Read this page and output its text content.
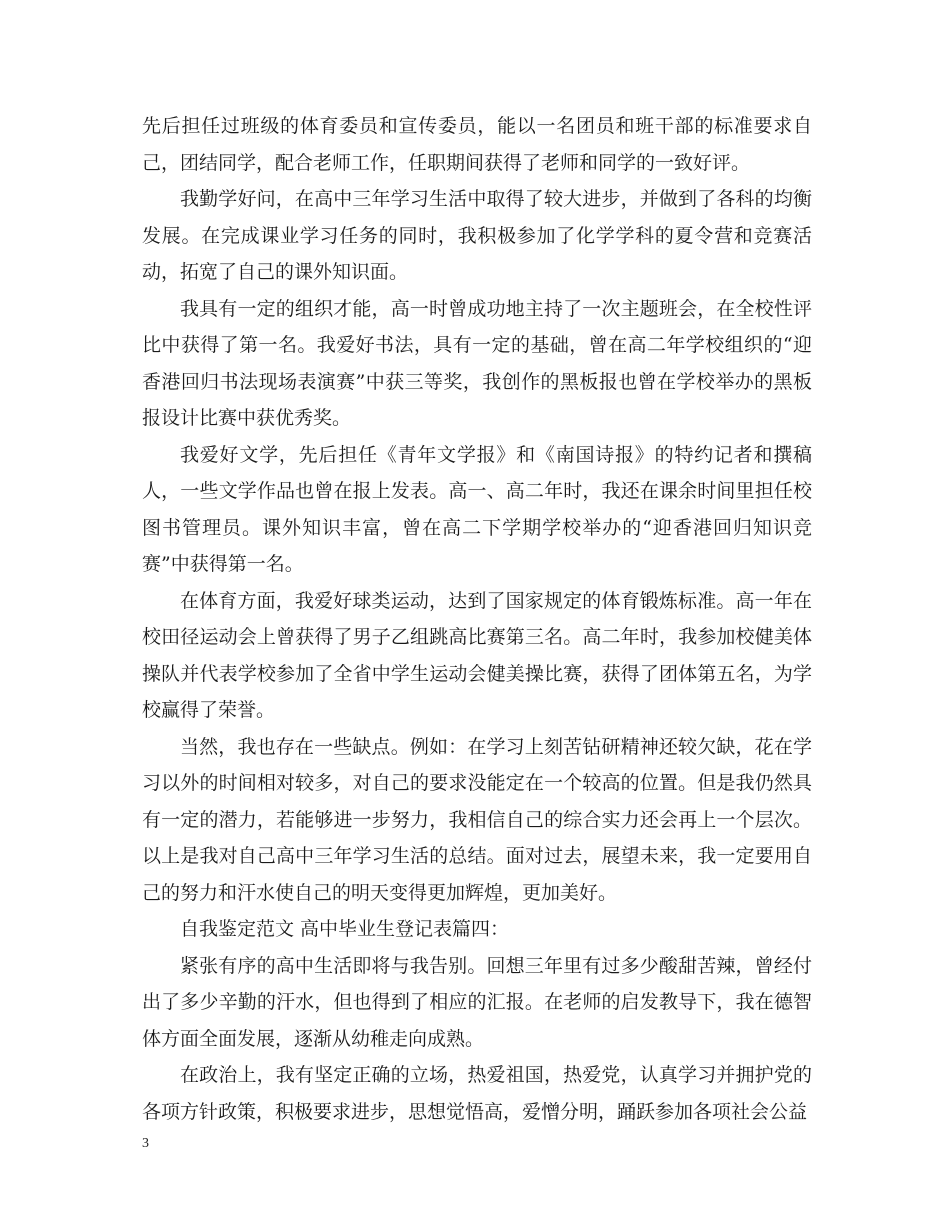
先后担任过班级的体育委员和宣传委员，能以一名团员和班干部的标准要求自己，团结同学，配合老师工作，任职期间获得了老师和同学的一致好评。

我勤学好问，在高中三年学习生活中取得了较大进步，并做到了各科的均衡发展。在完成课业学习任务的同时，我积极参加了化学学科的夏令营和竞赛活动，拓宽了自己的课外知识面。

我具有一定的组织才能，高一时曾成功地主持了一次主题班会，在全校性评比中获得了第一名。我爱好书法，具有一定的基础，曾在高二年学校组织的“迎香港回归书法现场表演赛”中获三等奖，我创作的黑板报也曾在学校举办的黑板报设计比赛中获优秀奖。

我爱好文学，先后担任《青年文学报》和《南国诗报》的特约记者和撰稿人，一些文学作品也曾在报上发表。高一、高二年时，我还在课余时间里担任校图书管理员。课外知识丰富，曾在高二下学期学校举办的“迎香港回归知识竞赛”中获得第一名。

在体育方面，我爱好球类运动，达到了国家规定的体育锻炼标准。高一年在校田径运动会上曾获得了男子乙组跳高比赛第三名。高二年时，我参加校健美体操队并代表学校参加了全省中学生运动会健美操比赛，获得了团体第五名，为学校赢得了荣誉。

当然，我也存在一些缺点。例如：在学习上刻苦钻研精神还较欠缺，花在学习以外的时间相对较多，对自己的要求没能定在一个较高的位置。但是我仍然具有一定的潜力，若能够进一步努力，我相信自己的综合实力还会再上一个层次。以上是我对自己高中三年学习生活的总结。面对过去，展望未来，我一定要用自己的努力和汗水使自己的明天变得更加辉煌，更加美好。

自我鉴定范文 高中毕业生登记表篇四：

紧张有序的高中生活即将与我告别。回想三年里有过多少酸甜苦辣，曾经付出了多少辛勤的汗水，但也得到了相应的汇报。在老师的启发教导下，我在德智体方面全面发展，逐渐从幼稚走向成熟。

在政治上，我有坚定正确的立场，热爱祖国，热爱党，认真学习并拥护党的各项方针政策，积极要求进步，思想觉悟高，爱憎分明，踊跃参加各项社会公益

3
